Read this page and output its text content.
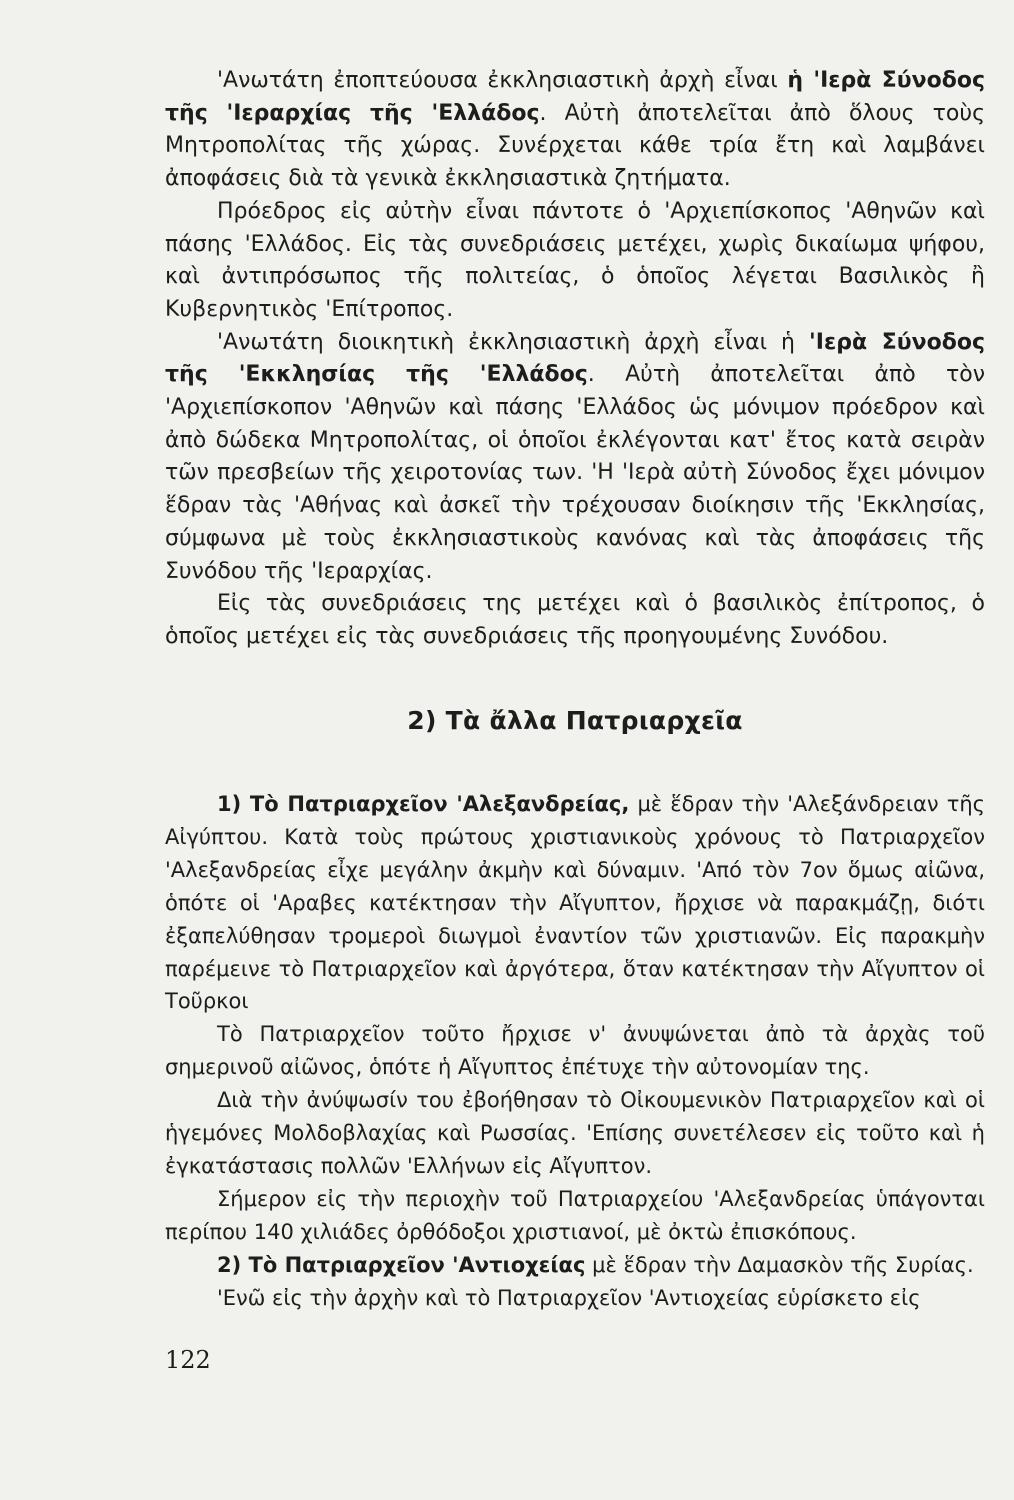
'Ανωτάτη ἐποπτεύουσα ἐκκλησιαστικὴ ἀρχὴ εἶναι ἡ 'Ιερὰ Σύνοδος τῆς 'Ιεραρχίας τῆς 'Ελλάδος. Αὐτὴ ἀποτελεῖται ἀπὸ ὅλους τοὺς Μητροπολίτας τῆς χώρας. Συνέρχεται κάθε τρία ἔτη καὶ λαμβάνει ἀποφάσεις διὰ τὰ γενικὰ ἐκκλησιαστικὰ ζητήματα.

Πρόεδρος εἰς αὐτὴν εἶναι πάντοτε ὁ 'Αρχιεπίσκοπος 'Αθηνῶν καὶ πάσης 'Ελλάδος. Εἰς τὰς συνεδριάσεις μετέχει, χωρὶς δικαίωμα ψήφου, καὶ ἀντιπρόσωπος τῆς πολιτείας, ὁ ὁποῖος λέγεται Βασιλικὸς ἢ Κυβερνητικὸς 'Επίτροπος.

'Ανωτάτη διοικητικὴ ἐκκλησιαστικὴ ἀρχὴ εἶναι ἡ 'Ιερὰ Σύνοδος τῆς 'Εκκλησίας τῆς 'Ελλάδος. Αὐτὴ ἀποτελεῖται ἀπὸ τὸν 'Αρχιεπίσκοπον 'Αθηνῶν καὶ πάσης 'Ελλάδος ὡς μόνιμον πρόεδρον καὶ ἀπὸ δώδεκα Μητροπολίτας, οἱ ὁποῖοι ἐκλέγονται κατ' ἔτος κατὰ σειρὰν τῶν πρεσβείων τῆς χειροτονίας των. 'Η 'Ιερὰ αὐτὴ Σύνοδος ἔχει μόνιμον ἕδραν τὰς 'Αθήνας καὶ ἀσκεῖ τὴν τρέχουσαν διοίκησιν τῆς 'Εκκλησίας, σύμφωνα μὲ τοὺς ἐκκλησιαστικοὺς κανόνας καὶ τὰς ἀποφάσεις τῆς Συνόδου τῆς 'Ιεραρχίας.

Εἰς τὰς συνεδριάσεις της μετέχει καὶ ὁ βασιλικὸς ἐπίτροπος, ὁ ὁποῖος μετέχει εἰς τὰς συνεδριάσεις τῆς προηγουμένης Συνόδου.

2) Τὰ ἄλλα Πατριαρχεῖα

1) Τὸ Πατριαρχεῖον 'Αλεξανδρείας, μὲ ἕδραν τὴν 'Αλεξάνδρειαν τῆς Αἰγύπτου. Κατὰ τοὺς πρώτους χριστιανικοὺς χρόνους τὸ Πατριαρχεῖον 'Αλεξανδρείας εἶχε μεγάλην ἀκμὴν καὶ δύναμιν. 'Από τὸν 7ον ὅμως αἰῶνα, ὁπότε οἱ 'Αραβες κατέκτησαν τὴν Αἴγυπτον, ἤρχισε νὰ παρακμάζῃ, διότι ἐξαπελύθησαν τρομεροὶ διωγμοὶ ἐναντίον τῶν χριστιανῶν. Εἰς παρακμὴν παρέμεινε τὸ Πατριαρχεῖον καὶ ἀργότερα, ὅταν κατέκτησαν τὴν Αἴγυπτον οἱ Τοῦρκοι

Τὸ Πατριαρχεῖον τοῦτο ἤρχισε ν' ἀνυψώνεται ἀπὸ τὰ ἀρχὰς τοῦ σημερινοῦ αἰῶνος, ὁπότε ἡ Αἴγυπτος ἐπέτυχε τὴν αὐτονομίαν της.

Διὰ τὴν ἀνύψωσίν του ἐβοήθησαν τὸ Οἰκουμενικὸν Πατριαρχεῖον καὶ οἱ ἡγεμόνες Μολδοβλαχίας καὶ Ρωσσίας. 'Επίσης συνετέλεσεν εἰς τοῦτο καὶ ἡ ἐγκατάστασις πολλῶν 'Ελλήνων εἰς Αἴγυπτον.

Σήμερον εἰς τὴν περιοχὴν τοῦ Πατριαρχείου 'Αλεξανδρείας ὑπάγονται περίπου 140 χιλιάδες ὀρθόδοξοι χριστιανοί, μὲ ὀκτὼ ἐπισκόπους.

2) Τὸ Πατριαρχεῖον 'Αντιοχείας μὲ ἕδραν τὴν Δαμασκὸν τῆς Συρίας.

'Ενῶ εἰς τὴν ἀρχὴν καὶ τὸ Πατριαρχεῖον 'Αντιοχείας εὑρίσκετο εἰς

122
